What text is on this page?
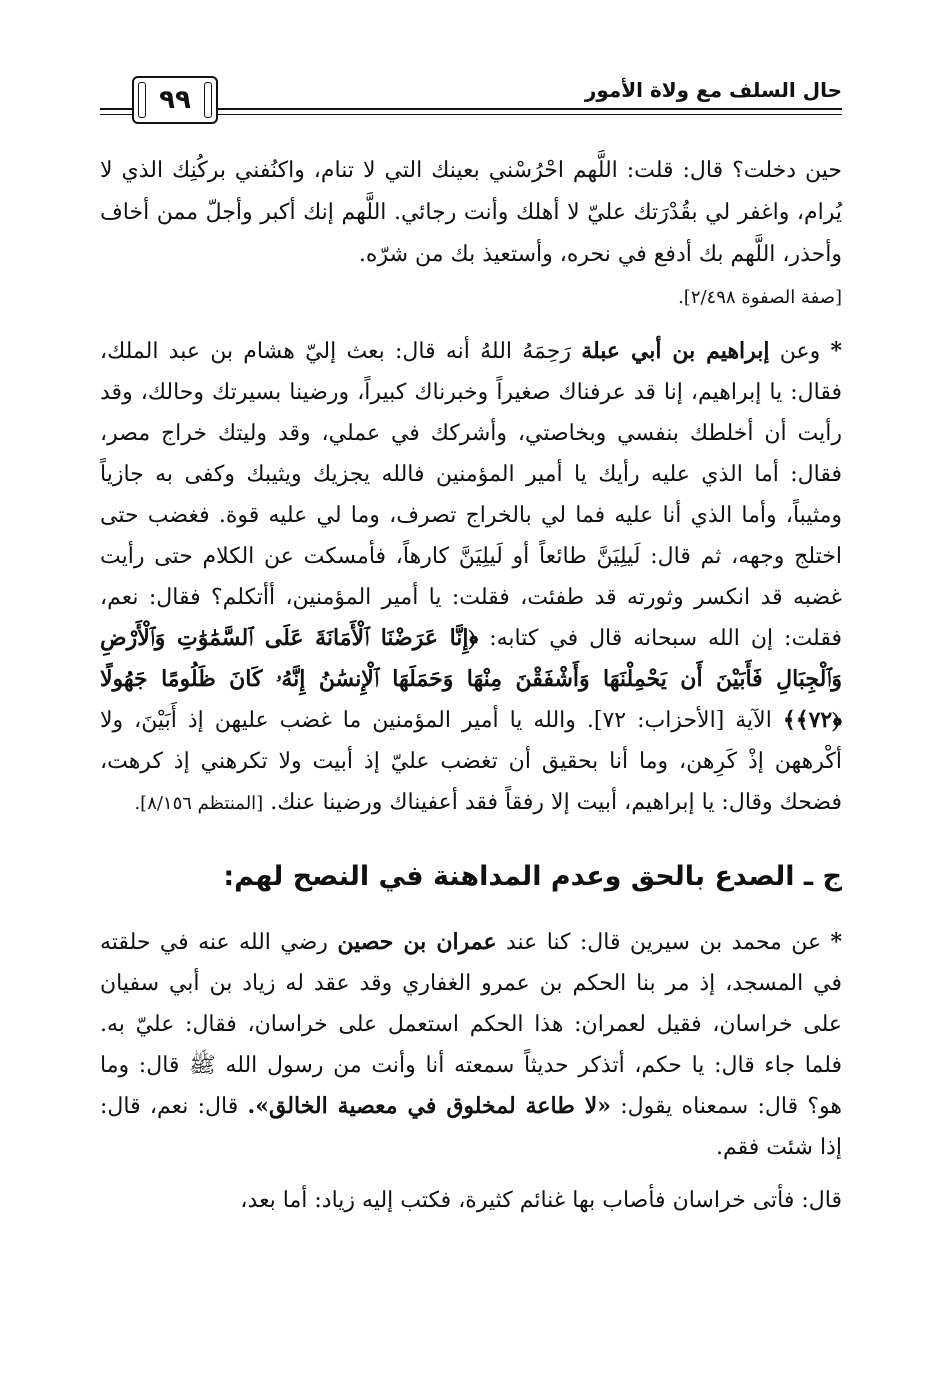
حال السلف مع ولاة الأمور
٩٩

حين دخلت؟ قال: قلت: اللَّهم احْرُسْني بعينك التي لا تنام، واكنُفني بركُنِك الذي لا يُرام، واغفر لي بقُدْرَتك عليّ لا أهلك وأنت رجائي. اللَّهم إنك أكبر وأجلّ ممن أخاف وأحذر، اللَّهم بك أدفع في نحره، وأستعيذ بك من شرّه.
[صفة الصفوة ٢/٤٩٨].

* وعن إبراهيم بن أبي عبلة رَحِمَهُ اللهُ أنه قال: بعث إليّ هشام بن عبد الملك، فقال: يا إبراهيم، إنا قد عرفناك صغيراً وخبرناك كبيراً، ورضينا بسيرتك وحالك، وقد رأيت أن أخلطك بنفسي وبخاصتي، وأشركك في عملي، وقد وليتك خراج مصر، فقال: أما الذي عليه رأيك يا أمير المؤمنين فالله يجزيك ويثيبك وكفى به جازياً ومثيباً، وأما الذي أنا عليه فما لي بالخراج تصرف، وما لي عليه قوة. فغضب حتى اختلج وجهه، ثم قال: لَيلِيَنَّ طائعاً أو لَيلِيَنَّ كارهاً، فأمسكت عن الكلام حتى رأيت غضبه قد انكسر وثورته قد طفئت، فقلت: يا أمير المؤمنين، أأتكلم؟ فقال: نعم، فقلت: إن الله سبحانه قال في كتابه: ﴿إِنَّا عَرَضْنَا ٱلْأَمَانَةَ عَلَى ٱلسَّمَٰوَٰتِ وَٱلْأَرْضِ وَٱلْجِبَالِ فَأَبَيْنَ أَن يَحْمِلْنَهَا وَأَشْفَقْنَ مِنْهَا وَحَمَلَهَا ٱلْإِنسَٰنُ إِنَّهُۥ كَانَ ظَلُومًا جَهُولًا ﴿٧٢﴾﴾ الآية [الأحزاب: ٧٢]. والله يا أمير المؤمنين ما غضب عليهن إذ أَبَيْنَ، ولا أكْرههن إذْ كَرِهن، وما أنا بحقيق أن تغضب عليّ إذ أبيت ولا تكرهني إذ كرهت، فضحك وقال: يا إبراهيم، أبيت إلا رفقاً فقد أعفيناك ورضينا عنك. [المنتظم ٨/١٥٦].

ج ـ الصدع بالحق وعدم المداهنة في النصح لهم:

* عن محمد بن سيرين قال: كنا عند عمران بن حصين رضي الله عنه في حلقته في المسجد، إذ مر بنا الحكم بن عمرو الغفاري وقد عقد له زياد بن أبي سفيان على خراسان، فقيل لعمران: هذا الحكم استعمل على خراسان، فقال: عليّ به. فلما جاء قال: يا حكم، أتذكر حديثاً سمعته أنا وأنت من رسول الله ﷺ قال: وما هو؟ قال: سمعناه يقول: «لا طاعة لمخلوق في معصية الخالق». قال: نعم، قال: إذا شئت فقم.

قال: فأتى خراسان فأصاب بها غنائم كثيرة، فكتب إليه زياد: أما بعد،
